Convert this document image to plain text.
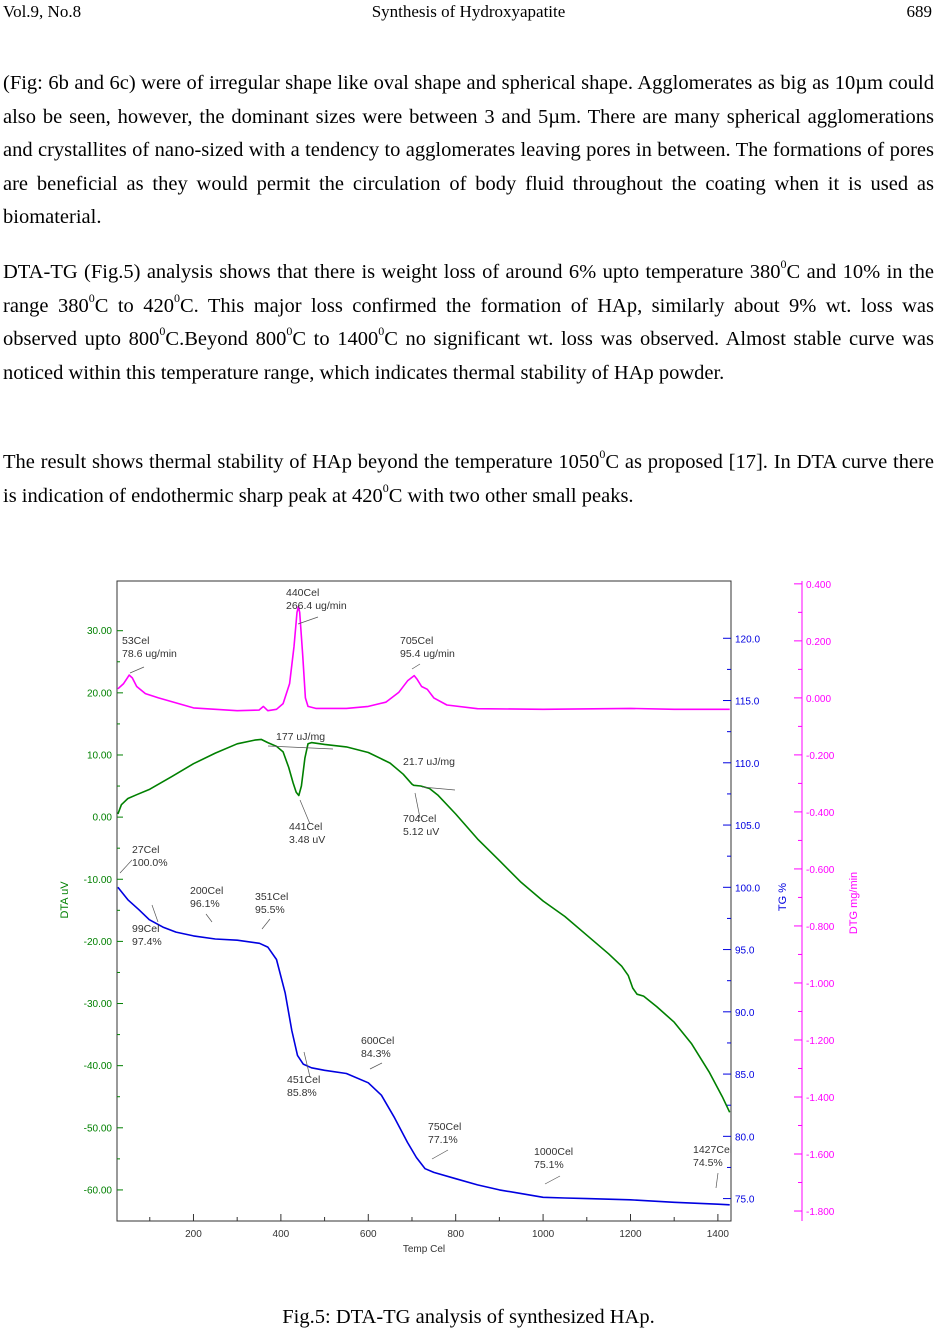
Vol.9, No.8	Synthesis of Hydroxyapatite	689

(Fig: 6b and 6c) were of irregular shape like oval shape and spherical shape. Agglomerates as big as 10µm could also be seen, however, the dominant sizes were between 3 and 5µm. There are many spherical agglomerations and crystallites of nano-sized with a tendency to agglomerates leaving pores in between. The formations of pores are beneficial as they would permit the circulation of body fluid throughout the coating when it is used as biomaterial.

DTA-TG (Fig.5) analysis shows that there is weight loss of around 6% upto temperature $380^0C$ and 10% in the range $380^0C$ to $420^0C$. This major loss confirmed the formation of HAp, similarly about 9% wt. loss was observed upto $800^0C.Beyond$ $800^0C$ to 1400$^0$C no significant wt. loss was observed. Almost stable curve was noticed within this temperature range, which indicates thermal stability of HAp powder.

The result shows thermal stability of HAp beyond the temperature 1050$^0$C as proposed [17]. In DTA curve there is indication of endothermic sharp peak at $420^0C$ with two other small peaks.

30.00
20.00
10.00
0.00
-10.00
-20.00
-30.00
-40.00
-50.00
-60.00
DTA uV
120.0
115.0
110.0
105.0
100.0
95.0
90.0
85.0
80.0
75.0
TG %
0.400
0.200
0.000
-0.200
-0.400
-0.600
-0.800
-1.000
-1.200
-1.400
-1.600
-1.800
DTG mg/min
200	400	600	800	1000	1200	1400
Temp Cel
53Cel
78.6 ug/min
440Cel
266.4 ug/min
705Cel
95.4 ug/min
177 uJ/mg
21.7 uJ/mg
441Cel
3.48 uV
704Cel
5.12 uV
27Cel
100.0%
99Cel
97.4%
200Cel
96.1%
351Cel
95.5%
451Cel
85.8%
600Cel
84.3%
750Cel
77.1%
1000Cel
75.1%
1427Cel
74.5%
Fig.5: DTA-TG analysis of synthesized HAp.
